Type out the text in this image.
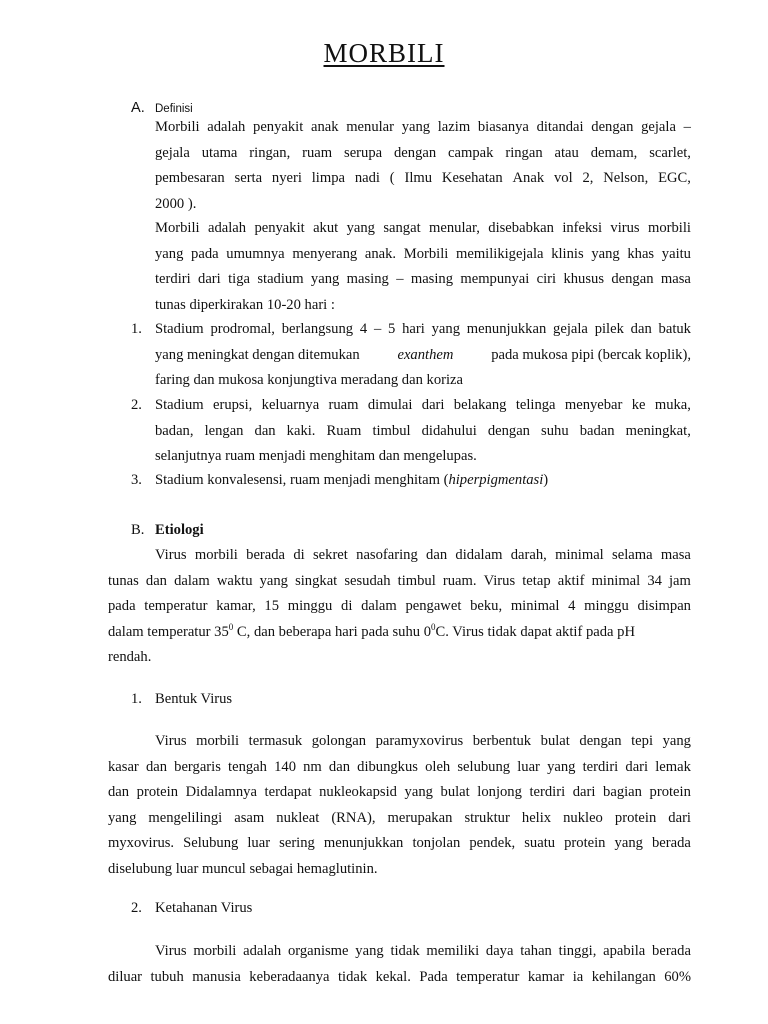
MORBILI
A. Definisi
Morbili adalah penyakit anak menular yang lazim biasanya ditandai dengan gejala –
gejala utama ringan, ruam serupa dengan campak ringan atau demam, scarlet,
pembesaran serta nyeri limpa nadi ( Ilmu Kesehatan Anak vol 2, Nelson, EGC,
2000 ).
Morbili adalah penyakit akut yang sangat menular, disebabkan infeksi virus morbili
yang pada umumnya menyerang anak. Morbili memilikigejala klinis yang khas yaitu
terdiri dari tiga stadium yang masing – masing mempunyai ciri khusus dengan masa
tunas diperkirakan 10-20 hari :
1. Stadium prodromal, berlangsung 4 – 5 hari yang menunjukkan gejala pilek dan batuk
yang meningkat dengan ditemukan	exanthem	pada mukosa pipi (bercak koplik),
faring dan mukosa konjungtiva meradang dan koriza
2. Stadium erupsi, keluarnya ruam dimulai dari belakang telinga menyebar ke muka,
badan, lengan dan kaki. Ruam timbul didahului dengan suhu badan meningkat,
selanjutnya ruam menjadi menghitam dan mengelupas.
3. Stadium konvalesensi, ruam menjadi menghitam (hiperpigmentasi)
B. Etiologi
Virus morbili berada di sekret nasofaring dan didalam darah, minimal selama masa
tunas dan dalam waktu yang singkat sesudah timbul ruam. Virus tetap aktif minimal 34 jam
pada temperatur kamar, 15 minggu di dalam pengawet beku, minimal 4 minggu disimpan
dalam temperatur $35^0$ C, dan beberapa hari pada suhu $0^0C$. Virus tidak dapat aktif pada pH
rendah.
1. Bentuk Virus
Virus morbili termasuk golongan paramyxovirus berbentuk bulat dengan tepi yang
kasar dan bergaris tengah 140 nm dan dibungkus oleh selubung luar yang terdiri dari lemak
dan protein Didalamnya terdapat nukleokapsid yang bulat lonjong terdiri dari bagian protein
yang mengelilingi asam nukleat (RNA), merupakan struktur helix nukleo protein dari
myxovirus. Selubung luar sering menunjukkan tonjolan pendek, suatu protein yang berada
diselubung luar muncul sebagai hemaglutinin.
2. Ketahanan Virus
Virus morbili adalah organisme yang tidak memiliki daya tahan tinggi, apabila berada
diluar tubuh manusia keberadaanya tidak kekal. Pada temperatur kamar ia kehilangan 60%
